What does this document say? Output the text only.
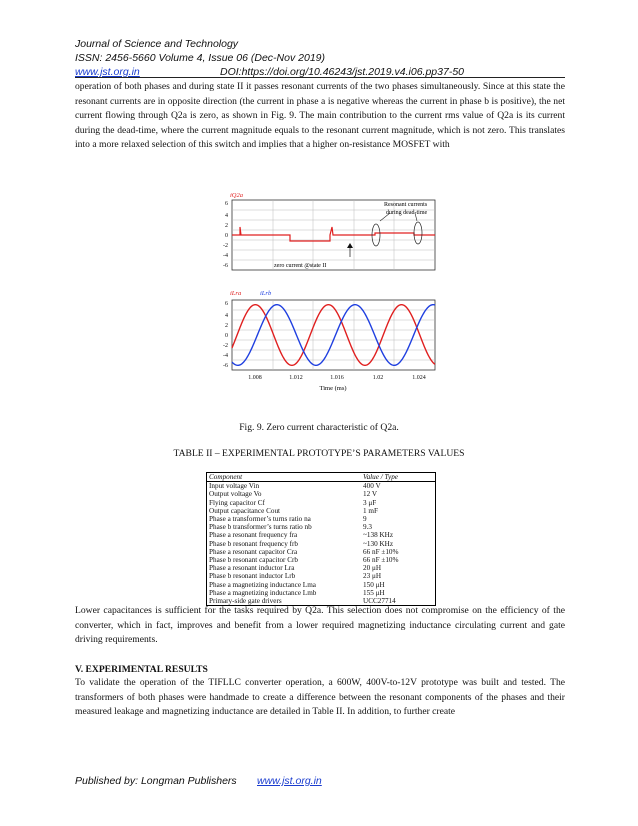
Journal of Science and Technology
ISSN: 2456-5660 Volume 4, Issue 06 (Dec-Nov 2019)
www.jst.org.in	DOI:https://doi.org/10.46243/jst.2019.v4.i06.pp37-50
operation of both phases and during state II it passes resonant currents of the two phases simultaneously. Since at this state the resonant currents are in opposite direction (the current in phase a is negative whereas the current in phase b is positive), the net current flowing through Q2a is zero, as shown in Fig. 9. The main contribution to the current rms value of Q2a is its current during the dead-time, where the current magnitude equals to the resonant current magnitude, which is not zero. This translates into a more relaxed selection of this switch and implies that a higher on-resistance MOSFET with
6
4
2
0
-2
-4
-6
iQ2a
Resonant currents
during dead-time
zero current @state II
6
4
2
0
-2
-4
-6
iLra	iLrb
1.008	1.012	1.016	1.02	1.024
Time (ms)
Fig. 9. Zero current characteristic of Q2a.
TABLE II – EXPERIMENTAL PROTOTYPE’S PARAMETERS VALUES
Component	Value / Type
Input voltage Vin	400 V
Output voltage Vo	12 V
Flying capacitor Cf	3 μF
Output capacitance Cout	1 mF
Phase a transformer’s turns ratio na	9
Phase b transformer’s turns ratio nb	9.3
Phase a resonant frequency fra	~138 KHz
Phase b resonant frequency frb	~130 KHz
Phase a resonant capacitor Cra	66 nF ±10%
Phase b resonant capacitor Crb	66 nF ±10%
Phase a resonant inductor Lra	20 μH
Phase b resonant inductor Lrb	23 μH
Phase a magnetizing inductance Lma	150 μH
Phase a magnetizing inductance Lmb	155 μH
Primary-side gate drivers	UCC27714
Lower capacitances is sufficient for the tasks required by Q2a. This selection does not compromise on the efficiency of the converter, which in fact, improves and benefit from a lower required magnetizing inductance circulating current and gate driving requirements.
V. EXPERIMENTAL RESULTS
To validate the operation of the TIFLLC converter operation, a 600W, 400V-to-12V prototype was built and tested. The transformers of both phases were handmade to create a difference between the resonant components of the phases and their measured leakage and magnetizing inductance are detailed in Table II. In addition, to further create
Published by: Longman Publishers www.jst.org.in
